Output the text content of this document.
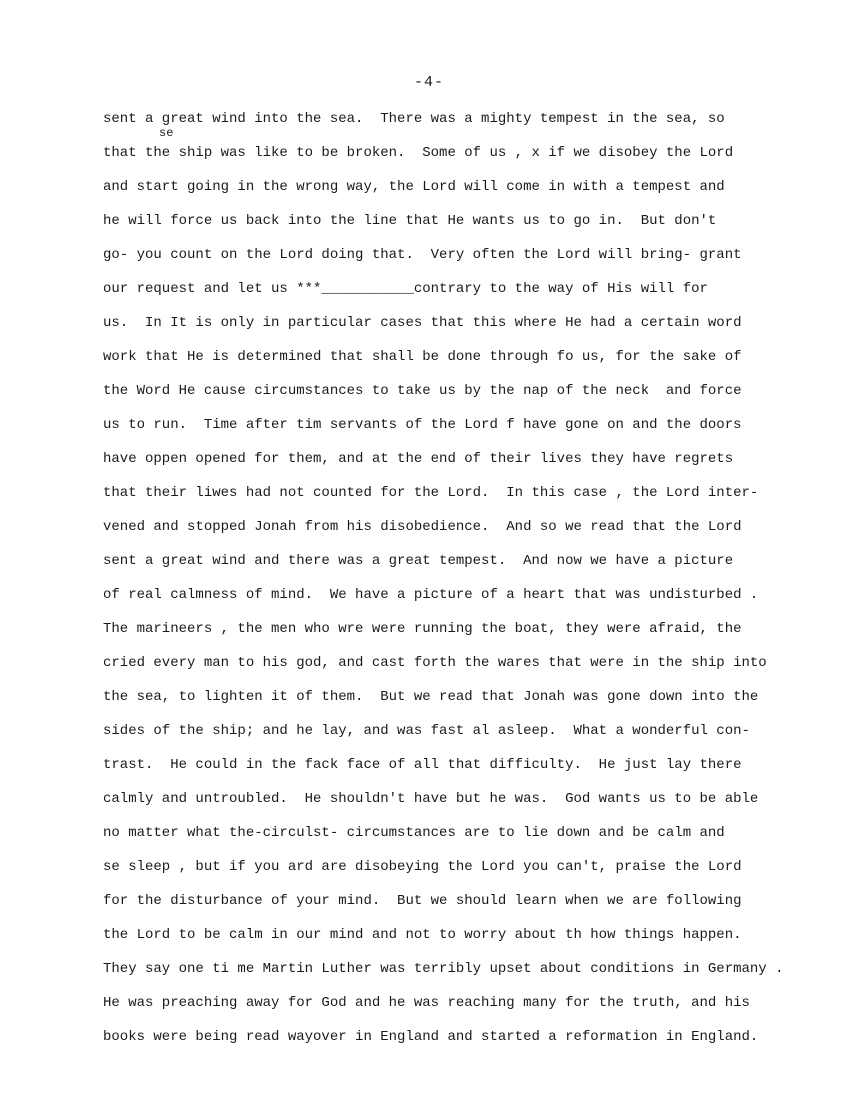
-4-
se
sent a great wind into the sea.  There was a mighty tempest in the sea, so
that the ship was like to be broken.  Some of us , x if we disobey the Lord
and start going in the wrong way, the Lord will come in with a tempest and
he will force us back into the line that He wants us to go in.  But don't
go- you count on the Lord doing that.  Very often the Lord will bring- grant
our request and let us ***___________contrary to the way of His will for
us.  In It is only in particular cases that this where He had a certain word
work that He is determined that shall be done through fo us, for the sake of
the Word He cause circumstances to take us by the nap of the neck  and force
us to run.  Time after tim servants of the Lord f have gone on and the doors
have oppen opened for them, and at the end of their lives they have regrets
that their liwes had not counted for the Lord.  In this case , the Lord inter-
vened and stopped Jonah from his disobedience.  And so we read that the Lord
sent a great wind and there was a great tempest.  And now we have a picture
of real calmness of mind.  We have a picture of a heart that was undisturbed .
The marineers , the men who wre were running the boat, they were afraid, the
cried every man to his god, and cast forth the wares that were in the ship into
the sea, to lighten it of them.  But we read that Jonah was gone down into the
sides of the ship; and he lay, and was fast al asleep.  What a wonderful con-
trast.  He could in the fack face of all that difficulty.  He just lay there
calmly and untroubled.  He shouldn't have but he was.  God wants us to be able
no matter what the-circulst- circumstances are to lie down and be calm and
se sleep , but if you ard are disobeying the Lord you can't, praise the Lord
for the disturbance of your mind.  But we should learn when we are following
the Lord to be calm in our mind and not to worry about th how things happen.
They say one ti me Martin Luther was terribly upset about conditions in Germany .
He was preaching away for God and he was reaching many for the truth, and his
books were being read wayover in England and started a reformation in England.
